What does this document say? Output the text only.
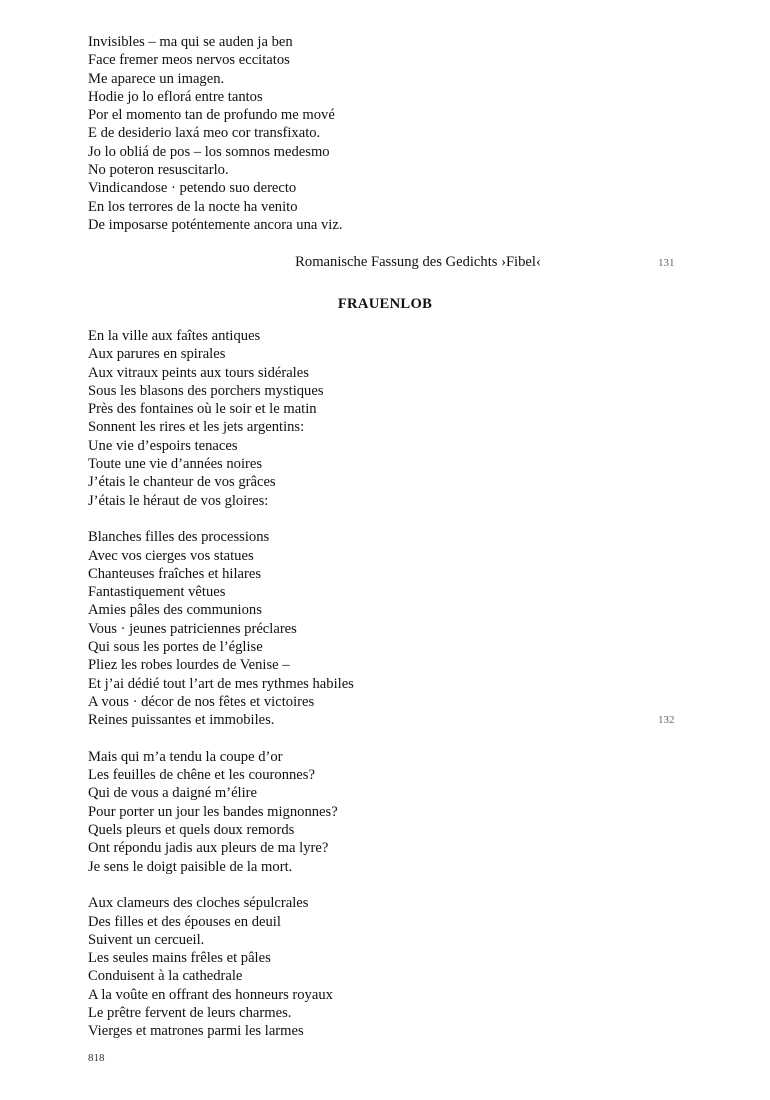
Invisibles – ma qui se auden ja ben
Face fremer meos nervos eccitatos
Me aparece un imagen.
Hodie jo lo eflorá entre tantos
Por el momento tan de profundo me mové
E de desiderio laxá meo cor transfixato.
Jo lo obliá de pos – los somnos medesmo
No poteron resuscitarlo.
Vindicandose · petendo suo derecto
En los terrores de la nocte ha venito
De imposarse poténtemente ancora una viz.
Romanische Fassung des Gedichts ›Fibel‹	131
FRAUENLOB
En la ville aux faîtes antiques
Aux parures en spirales
Aux vitraux peints aux tours sidérales
Sous les blasons des porchers mystiques
Près des fontaines où le soir et le matin
Sonnent les rires et les jets argentins:
Une vie d’espoirs tenaces
Toute une vie d’années noires
J’étais le chanteur de vos grâces
J’étais le héraut de vos gloires:
Blanches filles des processions
Avec vos cierges vos statues
Chanteuses fraîches et hilares
Fantastiquement vêtues
Amies pâles des communions
Vous · jeunes patriciennes préclares
Qui sous les portes de l’église
Pliez les robes lourdes de Venise –
Et j’ai dédié tout l’art de mes rythmes habiles
A vous · décor de nos fêtes et victoires
Reines puissantes et immobiles.
Mais qui m’a tendu la coupe d’or
Les feuilles de chêne et les couronnes?
Qui de vous a daigné m’élire
Pour porter un jour les bandes mignonnes?
Quels pleurs et quels doux remords
Ont répondu jadis aux pleurs de ma lyre?
Je sens le doigt paisible de la mort.
Aux clameurs des cloches sépulcrales
Des filles et des épouses en deuil
Suivent un cercueil.
Les seules mains frêles et pâles
Conduisent à la cathedrale
A la voûte en offrant des honneurs royaux
Le prêtre fervent de leurs charmes.
Vierges et matrones parmi les larmes
132
818
